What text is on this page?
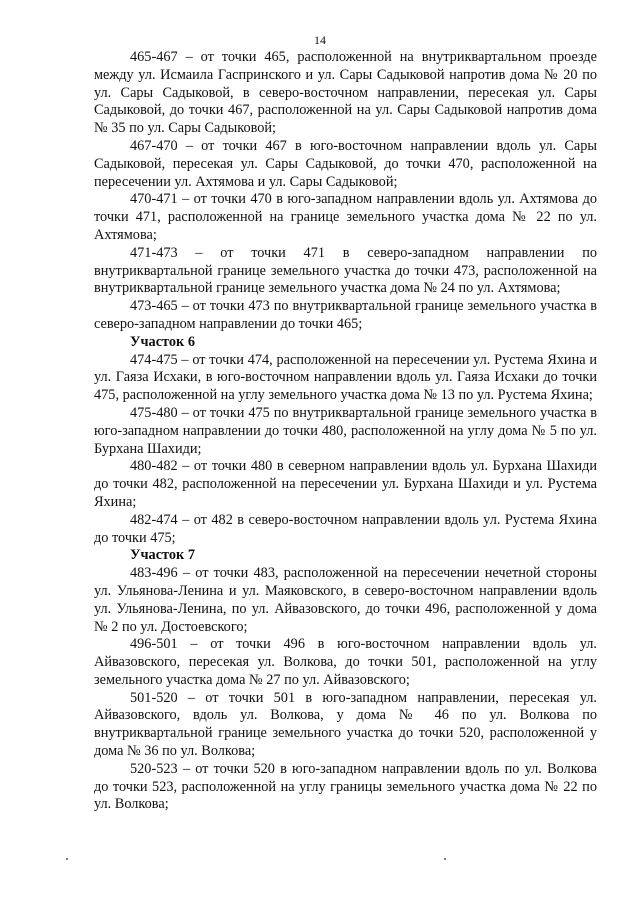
14

465-467 – от точки 465, расположенной на внутриквартальном проезде между ул. Исмаила Гаспринского и ул. Сары Садыковой напротив дома № 20 по ул. Сары Садыковой, в северо-восточном направлении, пересекая ул. Сары Садыковой, до точки 467, расположенной на ул. Сары Садыковой напротив дома № 35 по ул. Сары Садыковой;

467-470 – от точки 467 в юго-восточном направлении вдоль ул. Сары Садыковой, пересекая ул. Сары Садыковой, до точки 470, расположенной на пересечении ул. Ахтямова и ул. Сары Садыковой;

470-471 – от точки 470 в юго-западном направлении вдоль ул. Ахтямова до точки 471, расположенной на границе земельного участка дома № 22 по ул. Ахтямова;

471-473 – от точки 471 в северо-западном направлении по внутриквартальной границе земельного участка до точки 473, расположенной на внутриквартальной границе земельного участка дома № 24 по ул. Ахтямова;

473-465 – от точки 473 по внутриквартальной границе земельного участка в северо-западном направлении до точки 465;

Участок 6

474-475 – от точки 474, расположенной на пересечении ул. Рустема Яхина и ул. Гаяза Исхаки, в юго-восточном направлении вдоль ул. Гаяза Исхаки до точки 475, расположенной на углу земельного участка дома № 13 по ул. Рустема Яхина;

475-480 – от точки 475 по внутриквартальной границе земельного участка в юго-западном направлении до точки 480, расположенной на углу дома № 5 по ул. Бурхана Шахиди;

480-482 – от точки 480 в северном направлении вдоль ул. Бурхана Шахиди до точки 482, расположенной на пересечении ул. Бурхана Шахиди и ул. Рустема Яхина;

482-474 – от 482 в северо-восточном направлении вдоль ул. Рустема Яхина до точки 475;

Участок 7

483-496 – от точки 483, расположенной на пересечении нечетной стороны ул. Ульянова-Ленина и ул. Маяковского, в северо-восточном направлении вдоль ул. Ульянова-Ленина, по ул. Айвазовского, до точки 496, расположенной у дома № 2 по ул. Достоевского;

496-501 – от точки 496 в юго-восточном направлении вдоль ул. Айвазовского, пересекая ул. Волкова, до точки 501, расположенной на углу земельного участка дома № 27 по ул. Айвазовского;

501-520 – от точки 501 в юго-западном направлении, пересекая ул. Айвазовского, вдоль ул. Волкова, у дома № 46 по ул. Волкова по внутриквартальной границе земельного участка до точки 520, расположенной у дома № 36 по ул. Волкова;

520-523 – от точки 520 в юго-западном направлении вдоль по ул. Волкова до точки 523, расположенной на углу границы земельного участка дома № 22 по ул. Волкова;
